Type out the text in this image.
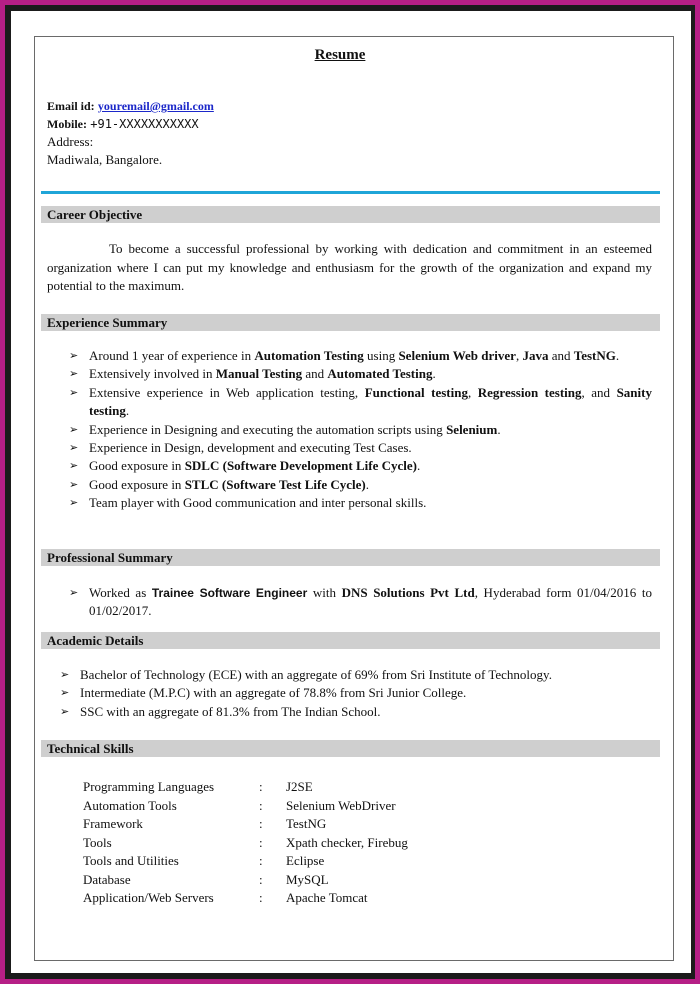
Resume
Email id: youremail@gmail.com
Mobile: +91-XXXXXXXXXXX
Address:
Madiwala, Bangalore.
Career Objective
To become a successful professional by working with dedication and commitment in an esteemed organization where I can put my knowledge and enthusiasm for the growth of the organization and expand my potential to the maximum.
Experience Summary
➢ Around 1 year of experience in Automation Testing using Selenium Web driver, Java and TestNG.
➢ Extensively involved in Manual Testing and Automated Testing.
➢ Extensive experience in Web application testing, Functional testing, Regression testing, and Sanity testing.
➢ Experience in Designing and executing the automation scripts using Selenium.
➢ Experience in Design, development and executing Test Cases.
➢ Good exposure in SDLC (Software Development Life Cycle).
➢ Good exposure in STLC (Software Test Life Cycle).
➢ Team player with Good communication and inter personal skills.
Professional Summary
➢ Worked as Trainee Software Engineer with DNS Solutions Pvt Ltd, Hyderabad form 01/04/2016 to 01/02/2017.
Academic Details
➢ Bachelor of Technology (ECE) with an aggregate of 69% from Sri Institute of Technology.
➢ Intermediate (M.P.C) with an aggregate of 78.8% from Sri Junior College.
➢ SSC with an aggregate of 81.3% from The Indian School.
Technical Skills
Programming Languages	:	J2SE
Automation Tools	:	Selenium WebDriver
Framework	:	TestNG
Tools	:	Xpath checker, Firebug
Tools and Utilities	:	Eclipse
Database	:	MySQL
Application/Web Servers	:	Apache Tomcat
